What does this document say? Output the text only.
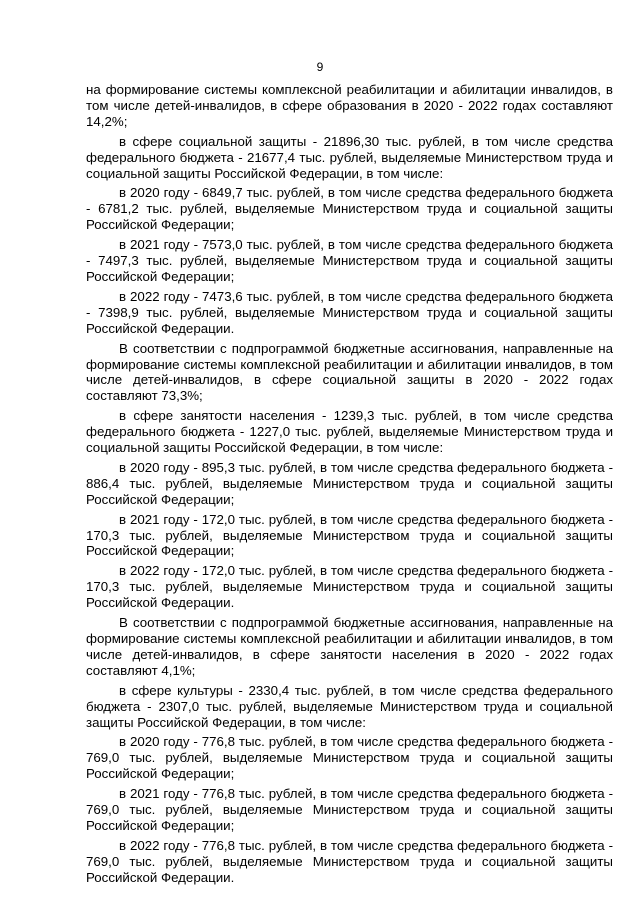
9

на формирование системы комплексной реабилитации и абилитации инвалидов, в том числе детей-инвалидов, в сфере образования в 2020 - 2022 годах составляют 14,2%;

в сфере социальной защиты - 21896,30 тыс. рублей, в том числе средства федерального бюджета - 21677,4 тыс. рублей, выделяемые Министерством труда и социальной защиты Российской Федерации, в том числе:

в 2020 году - 6849,7 тыс. рублей, в том числе средства федерального бюджета - 6781,2 тыс. рублей, выделяемые Министерством труда и социальной защиты Российской Федерации;

в 2021 году - 7573,0 тыс. рублей, в том числе средства федерального бюджета - 7497,3 тыс. рублей, выделяемые Министерством труда и социальной защиты Российской Федерации;

в 2022 году - 7473,6 тыс. рублей, в том числе средства федерального бюджета - 7398,9 тыс. рублей, выделяемые Министерством труда и социальной защиты Российской Федерации.

В соответствии с подпрограммой бюджетные ассигнования, направленные на формирование системы комплексной реабилитации и абилитации инвалидов, в том числе детей-инвалидов, в сфере социальной защиты в 2020 - 2022 годах составляют 73,3%;

в сфере занятости населения - 1239,3 тыс. рублей, в том числе средства федерального бюджета - 1227,0 тыс. рублей, выделяемые Министерством труда и социальной защиты Российской Федерации, в том числе:

в 2020 году - 895,3 тыс. рублей, в том числе средства федерального бюджета - 886,4 тыс. рублей, выделяемые Министерством труда и социальной защиты Российской Федерации;

в 2021 году - 172,0 тыс. рублей, в том числе средства федерального бюджета - 170,3 тыс. рублей, выделяемые Министерством труда и социальной защиты Российской Федерации;

в 2022 году - 172,0 тыс. рублей, в том числе средства федерального бюджета - 170,3 тыс. рублей, выделяемые Министерством труда и социальной защиты Российской Федерации.

В соответствии с подпрограммой бюджетные ассигнования, направленные на формирование системы комплексной реабилитации и абилитации инвалидов, в том числе детей-инвалидов, в сфере занятости населения в 2020 - 2022 годах составляют 4,1%;

в сфере культуры - 2330,4 тыс. рублей, в том числе средства федерального бюджета - 2307,0 тыс. рублей, выделяемые Министерством труда и социальной защиты Российской Федерации, в том числе:

в 2020 году - 776,8 тыс. рублей, в том числе средства федерального бюджета - 769,0 тыс. рублей, выделяемые Министерством труда и социальной защиты Российской Федерации;

в 2021 году - 776,8 тыс. рублей, в том числе средства федерального бюджета - 769,0 тыс. рублей, выделяемые Министерством труда и социальной защиты Российской Федерации;

в 2022 году - 776,8 тыс. рублей, в том числе средства федерального бюджета - 769,0 тыс. рублей, выделяемые Министерством труда и социальной защиты Российской Федерации.
